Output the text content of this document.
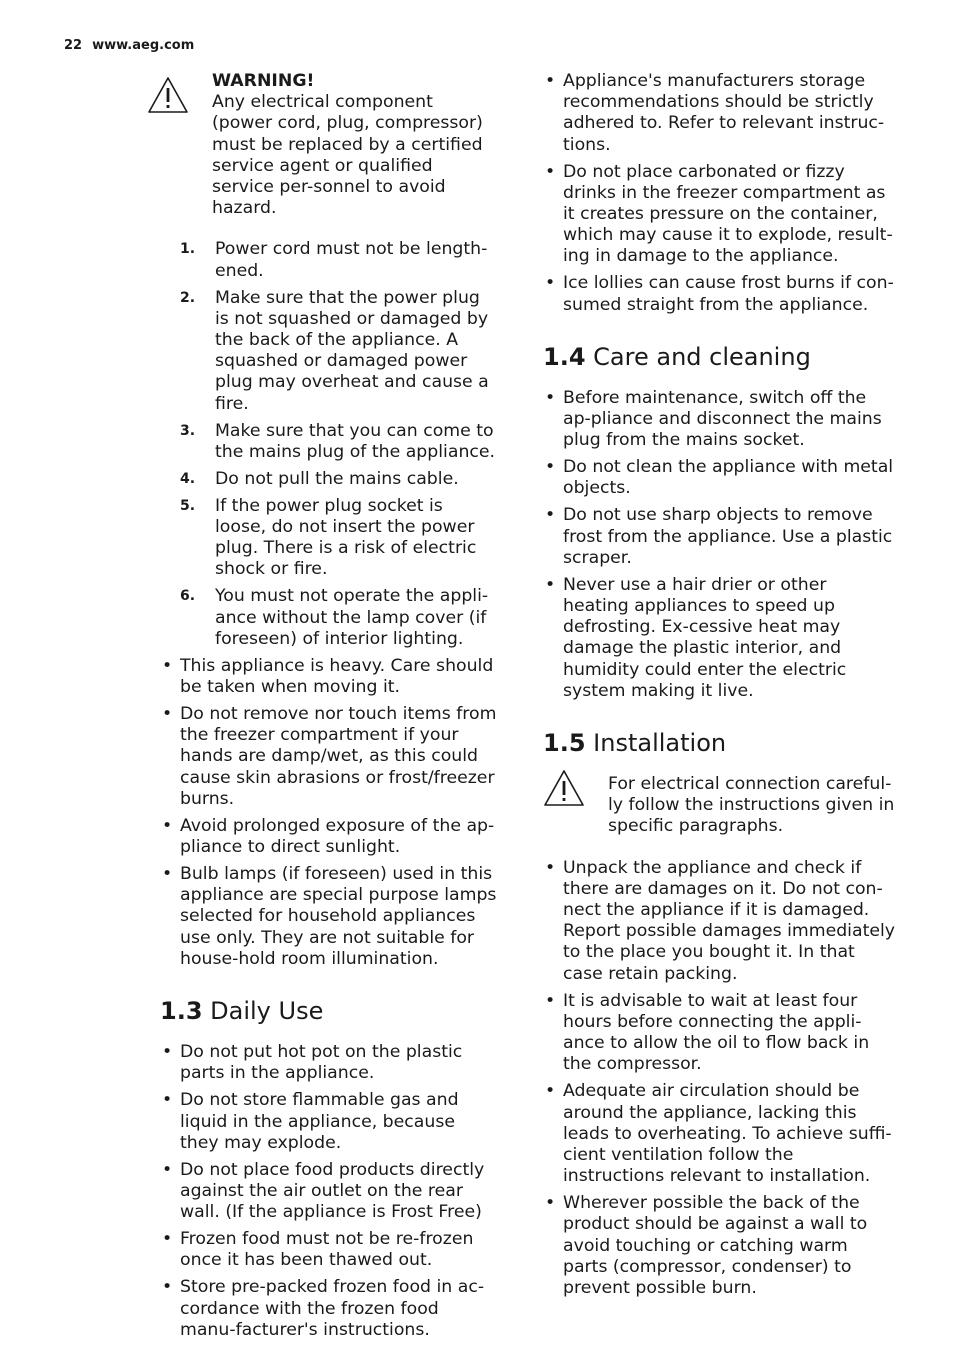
22 www.aeg.com
WARNING!
Any electrical component (power cord, plug, compressor) must be replaced by a certified service agent or qualified service per-sonnel to avoid hazard.
1. Power cord must not be length-ened.
2. Make sure that the power plug is not squashed or damaged by the back of the appliance. A squashed or damaged power plug may overheat and cause a fire.
3. Make sure that you can come to the mains plug of the appliance.
4. Do not pull the mains cable.
5. If the power plug socket is loose, do not insert the power plug. There is a risk of electric shock or fire.
6. You must not operate the appli-ance without the lamp cover (if foreseen) of interior lighting.
• This appliance is heavy. Care should be taken when moving it.
• Do not remove nor touch items from the freezer compartment if your hands are damp/wet, as this could cause skin abrasions or frost/freezer burns.
• Avoid prolonged exposure of the ap-pliance to direct sunlight.
• Bulb lamps (if foreseen) used in this appliance are special purpose lamps selected for household appliances use only. They are not suitable for house-hold room illumination.
1.3 Daily Use
• Do not put hot pot on the plastic parts in the appliance.
• Do not store flammable gas and liquid in the appliance, because they may explode.
• Do not place food products directly against the air outlet on the rear wall. (If the appliance is Frost Free)
• Frozen food must not be re-frozen once it has been thawed out.
• Store pre-packed frozen food in ac-cordance with the frozen food manu-facturer's instructions.
• Appliance's manufacturers storage recommendations should be strictly adhered to. Refer to relevant instruc-tions.
• Do not place carbonated or fizzy drinks in the freezer compartment as it creates pressure on the container, which may cause it to explode, result-ing in damage to the appliance.
• Ice lollies can cause frost burns if con-sumed straight from the appliance.
1.4 Care and cleaning
• Before maintenance, switch off the ap-pliance and disconnect the mains plug from the mains socket.
• Do not clean the appliance with metal objects.
• Do not use sharp objects to remove frost from the appliance. Use a plastic scraper.
• Never use a hair drier or other heating appliances to speed up defrosting. Ex-cessive heat may damage the plastic interior, and humidity could enter the electric system making it live.
1.5 Installation
For electrical connection careful-ly follow the instructions given in specific paragraphs.
• Unpack the appliance and check if there are damages on it. Do not con-nect the appliance if it is damaged. Report possible damages immediately to the place you bought it. In that case retain packing.
• It is advisable to wait at least four hours before connecting the appli-ance to allow the oil to flow back in the compressor.
• Adequate air circulation should be around the appliance, lacking this leads to overheating. To achieve suffi-cient ventilation follow the instructions relevant to installation.
• Wherever possible the back of the product should be against a wall to avoid touching or catching warm parts (compressor, condenser) to prevent possible burn.
